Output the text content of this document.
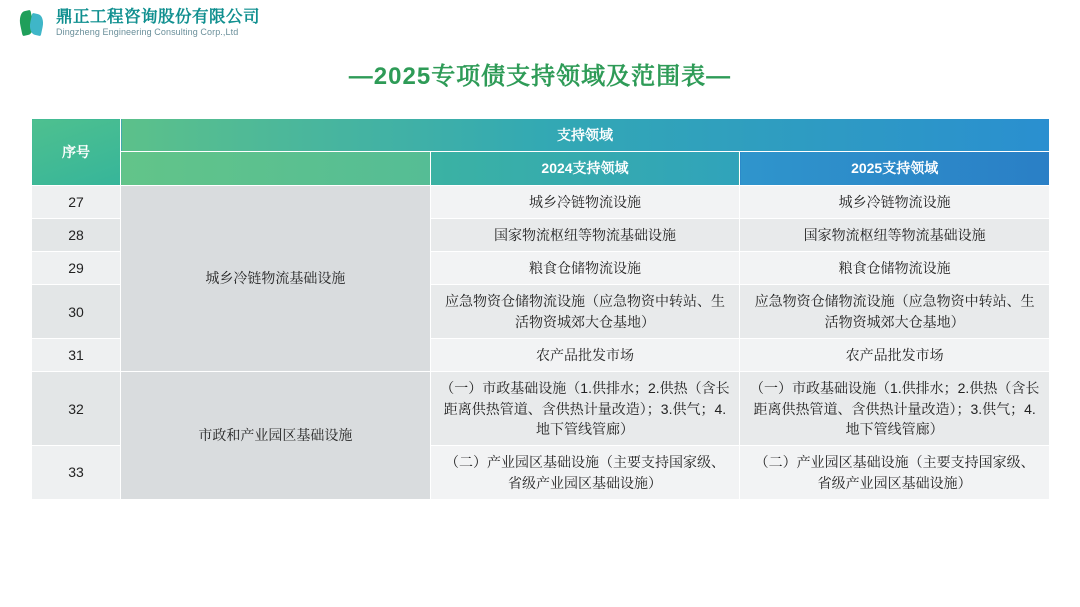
鼎正工程咨询股份有限公司
Dingzheng Engineering Consulting Corp.,Ltd
—2025专项债支持领域及范围表—
序号	支持领域		
		2024支持领域	2025支持领域
27	城乡冷链物流基础设施	城乡冷链物流设施	城乡冷链物流设施
28		国家物流枢纽等物流基础设施	国家物流枢纽等物流基础设施
29		粮食仓储物流设施	粮食仓储物流设施
30		应急物资仓储物流设施（应急物资中转站、生活物资城郊大仓基地）	应急物资仓储物流设施（应急物资中转站、生活物资城郊大仓基地）
31		农产品批发市场	农产品批发市场
32	市政和产业园区基础设施	（一）市政基础设施（1.供排水；2.供热（含长距离供热管道、含供热计量改造）；3.供气；4.地下管线管廊）	（一）市政基础设施（1.供排水；2.供热（含长距离供热管道、含供热计量改造）；3.供气；4.地下管线管廊）
33		（二）产业园区基础设施（主要支持国家级、省级产业园区基础设施）	（二）产业园区基础设施（主要支持国家级、省级产业园区基础设施）
